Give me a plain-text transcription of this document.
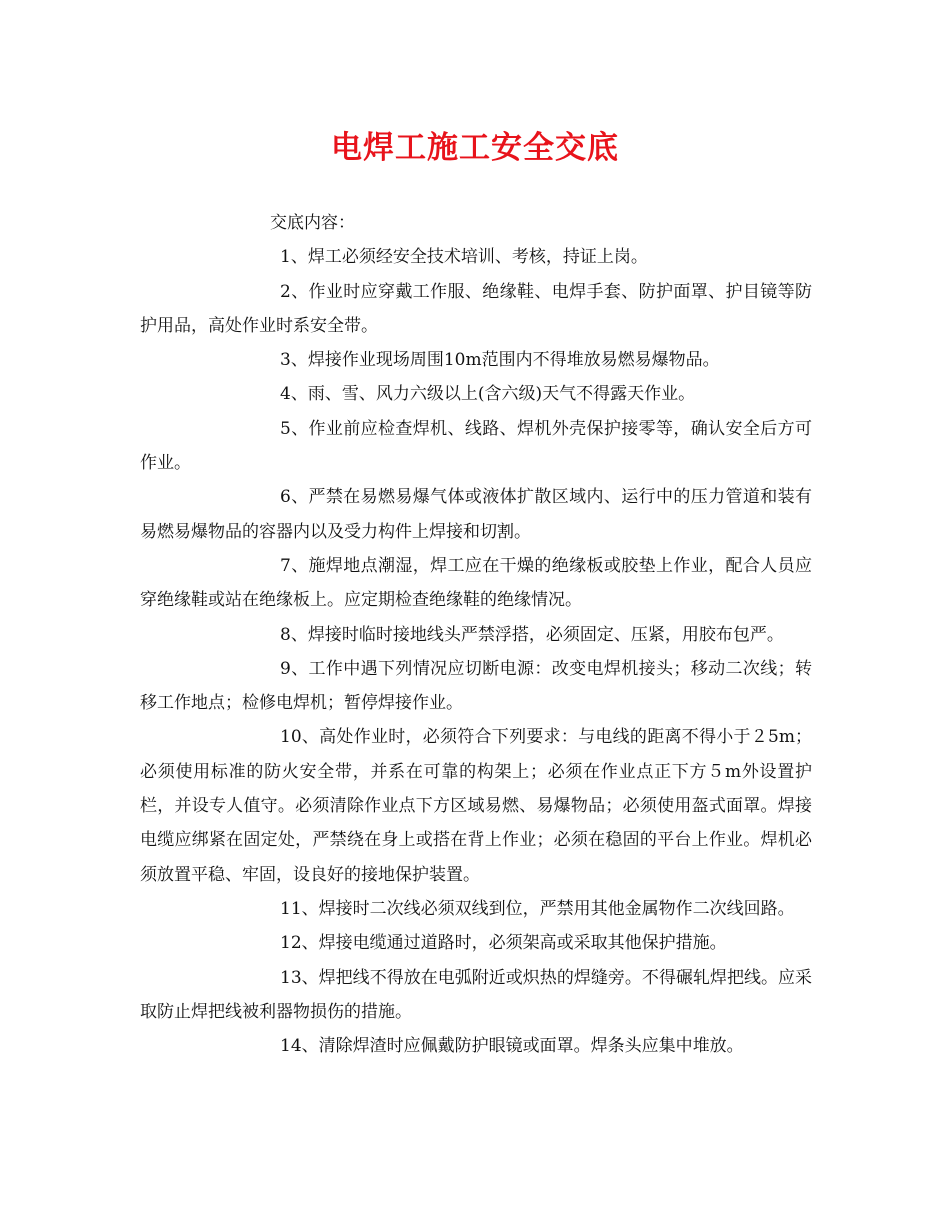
电焊工施工安全交底
交底内容：

1、焊工必须经安全技术培训、考核，持证上岗。

2、作业时应穿戴工作服、绝缘鞋、电焊手套、防护面罩、护目镜等防护用品，高处作业时系安全带。

3、焊接作业现场周围10m范围内不得堆放易燃易爆物品。

4、雨、雪、风力六级以上(含六级)天气不得露天作业。

5、作业前应检查焊机、线路、焊机外壳保护接零等，确认安全后方可作业。

6、严禁在易燃易爆气体或液体扩散区域内、运行中的压力管道和装有易燃易爆物品的容器内以及受力构件上焊接和切割。

7、施焊地点潮湿，焊工应在干燥的绝缘板或胶垫上作业，配合人员应穿绝缘鞋或站在绝缘板上。应定期检查绝缘鞋的绝缘情况。

8、焊接时临时接地线头严禁浮搭，必须固定、压紧，用胶布包严。

9、工作中遇下列情况应切断电源：改变电焊机接头；移动二次线；转移工作地点；检修电焊机；暂停焊接作业。

10、高处作业时，必须符合下列要求：与电线的距离不得小于２5m；必须使用标准的防火安全带，并系在可靠的构架上；必须在作业点正下方５m外设置护栏，并设专人值守。必须清除作业点下方区域易燃、易爆物品；必须使用盔式面罩。焊接电缆应绑紧在固定处，严禁绕在身上或搭在背上作业；必须在稳固的平台上作业。焊机必须放置平稳、牢固，设良好的接地保护装置。

11、焊接时二次线必须双线到位，严禁用其他金属物作二次线回路。

12、焊接电缆通过道路时，必须架高或采取其他保护措施。

13、焊把线不得放在电弧附近或炽热的焊缝旁。不得碾轧焊把线。应采取防止焊把线被利器物损伤的措施。

14、清除焊渣时应佩戴防护眼镜或面罩。焊条头应集中堆放。
